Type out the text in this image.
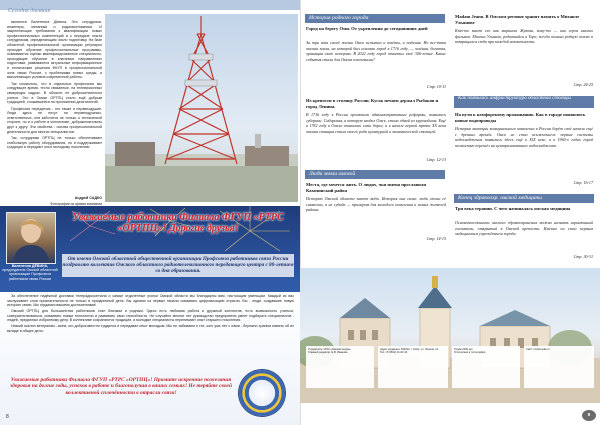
Сегодня дневник

являются Валентина Дёвина. Это сотрудники-инженеры, механики и радиомонтажники. И закрепляющие требования к квалификации новых профессиональных компетенций и к передаче опыта сотрудникам, определяющим число подготовку. На базе областной профессиональной организации регулярно проходят обучение профессиональные программы, осваиваются оценки квалифицированные специалисты, проходящие обучение в ключевых направлениях подготовки, развиваются актуальные информационные и технические решения ФКУП в профессиональной зоне связи России, с проблемами новых среды, и выполняющих условия современной работы.

Так сложилось, что в отдельных профессиях мы следующее время, тесно связанные, на телевизионных связующих кадрах. В области не доброжелательно учится. Это в Омске ОРТПЦ стало ещё добрым традицией, сложившейся на протяжении десятилетий.

Профессия передатчик - это также и неравнодушие. Люди здесь не несут на неравнодушных, ответственных; они заботятся не только о технической стороне, но и о работе в коллективе, доброжелательны друг к другу. Эти свойства - основа профессиональной деятельности для многих специалистов.

Так, сотрудники ОРТПЦ не только обеспечивают стабильную работу оборудования, но и поддерживают традиции и передают опыт молодому поколению.

Андрей САДКО
Фотографии из архива компании
Валентина ДЁВИНА,
председатель Омской областной организации Профсоюза работников связи России
Уважаемые работники Филиала ФГУП «РТРС «ОРТПЦ»! Дорогие друзья!
От имени Омской областной общественной организации Профсоюза работников связи России поздравляю коллектив Омского областного радиотелевизионного передающего центра с 80-летием со дня образования.

За обеспечение надёжной доставки телерадиосигнала и самые отдалённые уголки Омской области мы благодарны вам, настоящим умельцам. Каждый из вас заслуживает слов признательности не только в праздничный день. Вы одними из первых начали осваивать цифровизацию отрасли. Вы - люди, создавшие новую историю связи. Мы гордимся вашими достижениями!

Омский ОРТПЦ для большинства работников стал близким и родным. Здесь есть любимая работа и дружный коллектив, есть возможность учиться, совершенствоваться, осваивать новые технологии и развивать свои способности. Не случайно многие лет руководство предприятия умеет подбирать специалистов - людей, преданных избранному делу. В коллективе сохраняются традиции, а молодые специалисты перенимают опыт старшего поколения.

Низкий поклон ветеранам - всем, кто добросовестно трудился и передавал опыт молодым. Мы не забываем о тех, кого уже нет с нами - бережно храним память об их вкладе в общее дело.

Уважаемые работники Филиала ФГУП «РТРС «ОРТПЦ»! Примите искренние пожелания здоровья на долгие годы, успехов в работе и благополучия в ваших семьях! Не теряйте своей коллективной сплочённости в отрасли связи!
8
История родного города
Город на берегу Оми. От укрепления до сегодняшних дней
За три века своей жизни Омск испытал и взлёты, и падения. Но все-таки омская земля, на которой был основан город в 1716 году, — зелёная, богатая, хранящая свою историю. В 2022 году город отметил своё 306-летие. Какие события стали для Омска ключевыми?
Стр. 10-11
Из крепости в столицу России. Кусок печати держал Рыбаков и город Ленина.
В 1716 году в России произошли административные реформы, появились губернии. Сибирская, в которую входил Омск, стала одной из крупнейших. Ещё в 1782 году в Омске появилась сеть дорог, а в начале первой трети XX века омская станция стала своего рода культурной и экономической столицей.
Стр. 12-13
Люди земли омской
Места, где хочется жить. О людях, чьи имена прославили Казачинский район
Историю Омской области знают люди. История она сама: люди стали её символом, а их судьба — примером для молодого поколения и новых жителей района.
Стр. 14-15
Madam Jeann. В Омском регионе хранят память о Михаиле Ульянове
Кто-то знает его как маршала Жукова, кому-то — как героя многих фильмов. Михаил Ульянов, родившийся в Таре, всегда помнил родную землю и возвращался сюда при каждой возможности.
Стр. 24-25
Как появилась инфраструктура областной столицы
На пути к комфортному проживанию. Как в городе появились новые водопроводы
История эволюции коммунального комплекса в России берёт своё начало ещё с древних времён. Омск не стал исключением: первые системы водоснабжения появились здесь ещё в XIX веке, а в 1960-х годах город полностью перешёл на централизованное водоснабжение.
Стр. 16-17
Конец здравоохр. омской медицины
Три века терапии. С чего начиналась омская медицина
Основоположником омского здравоохранения можно назвать гарнизонный госпиталь, открытый в Омской крепости. Именно он стал первым медицинским учреждением города.
Стр. 30-31
Учредитель: ООО «Омская медиа»
Главный редактор: Е.В. Иванова
Адрес редакции: 644010, г. Омск, ул. Ленина, 14
Тел.: 8 (3812) 21-03-10
Тираж 2000 экз.
Отпечатано в типографии
Сайт: omskmedia.ru
9
